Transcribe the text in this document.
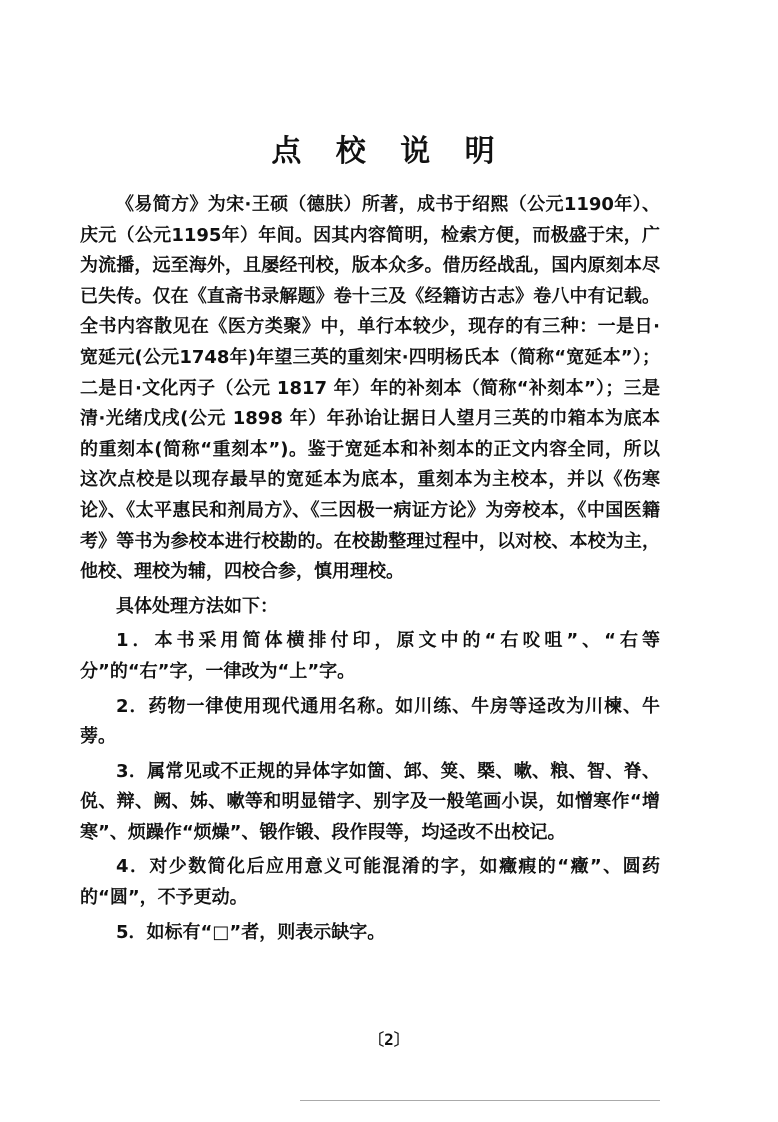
点 校 说 明

《易简方》为宋·王硕（德肤）所著，成书于绍熙（公元1190年）、庆元（公元1195年）年间。因其内容简明，检索方便，而极盛于宋，广为流播，远至海外，且屡经刊校，版本众多。借历经战乱，国内原刻本尽已失传。仅在《直斋书录解题》卷十三及《经籍访古志》卷八中有记载。全书内容散见在《医方类聚》中，单行本较少，现存的有三种：一是日·宽延元(公元1748年)年望三英的重刻宋·四明杨氏本（简称“宽延本”）；二是日·文化丙子（公元 1817 年）年的补刻本（简称“补刻本”）；三是清·光绪戊戌(公元 1898 年）年孙诒让据日人望月三英的巾箱本为底本的重刻本(简称“重刻本”)。鉴于宽延本和补刻本的正文内容全同，所以这次点校是以现存最早的宽延本为底本，重刻本为主校本，并以《伤寒论》、《太平惠民和剂局方》、《三因极一病证方论》为旁校本，《中国医籍考》等书为参校本进行校勘的。在校勘整理过程中，以对校、本校为主，他校、理校为辅，四校合参，慎用理校。

具体处理方法如下：

1．本书采用简体横排付印，原文中的“右㕮咀”、“右等分”的“右”字，一律改为“上”字。

2．药物一律使用现代通用名称。如川练、牛房等迳改为川楝、牛蒡。

3．属常见或不正规的异体字如箇、䣃、䇲、槩、嗽、粮、智、脊、侻、辩、阙、姊、嗽等和明显错字、别字及一般笔画小误，如憎寒作“增寒”、烦躁作“烦燥”、锻作锻、段作叚等，均迳改不出校记。

4．对少数简化后应用意义可能混淆的字，如癥瘕的“癥”、圆药的“圆”，不予更动。

5．如标有“□”者，则表示缺字。

〔2〕
